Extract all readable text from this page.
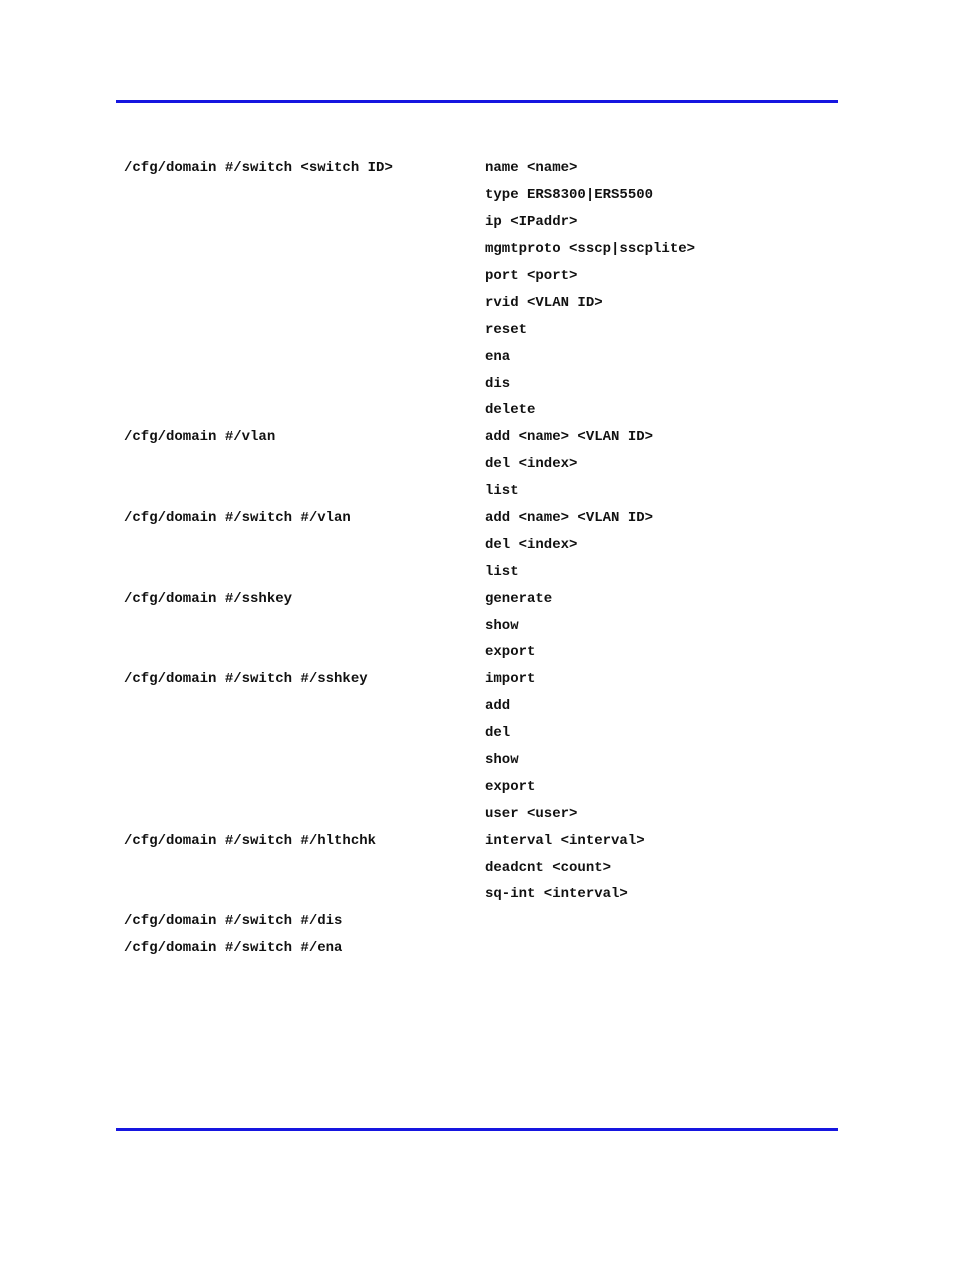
/cfg/domain #/switch <switch ID>	name <name>
type ERS8300|ERS5500
ip <IPaddr>
mgmtproto <sscp|sscplite>
port <port>
rvid <VLAN ID>
reset
ena
dis
delete
/cfg/domain #/vlan	add <name> <VLAN ID>
del <index>
list
/cfg/domain #/switch #/vlan	add <name> <VLAN ID>
del <index>
list
/cfg/domain #/sshkey	generate
show
export
/cfg/domain #/switch #/sshkey	import
add
del
show
export
user <user>
/cfg/domain #/switch #/hlthchk	interval <interval>
deadcnt <count>
sq-int <interval>
/cfg/domain #/switch #/dis
/cfg/domain #/switch #/ena
